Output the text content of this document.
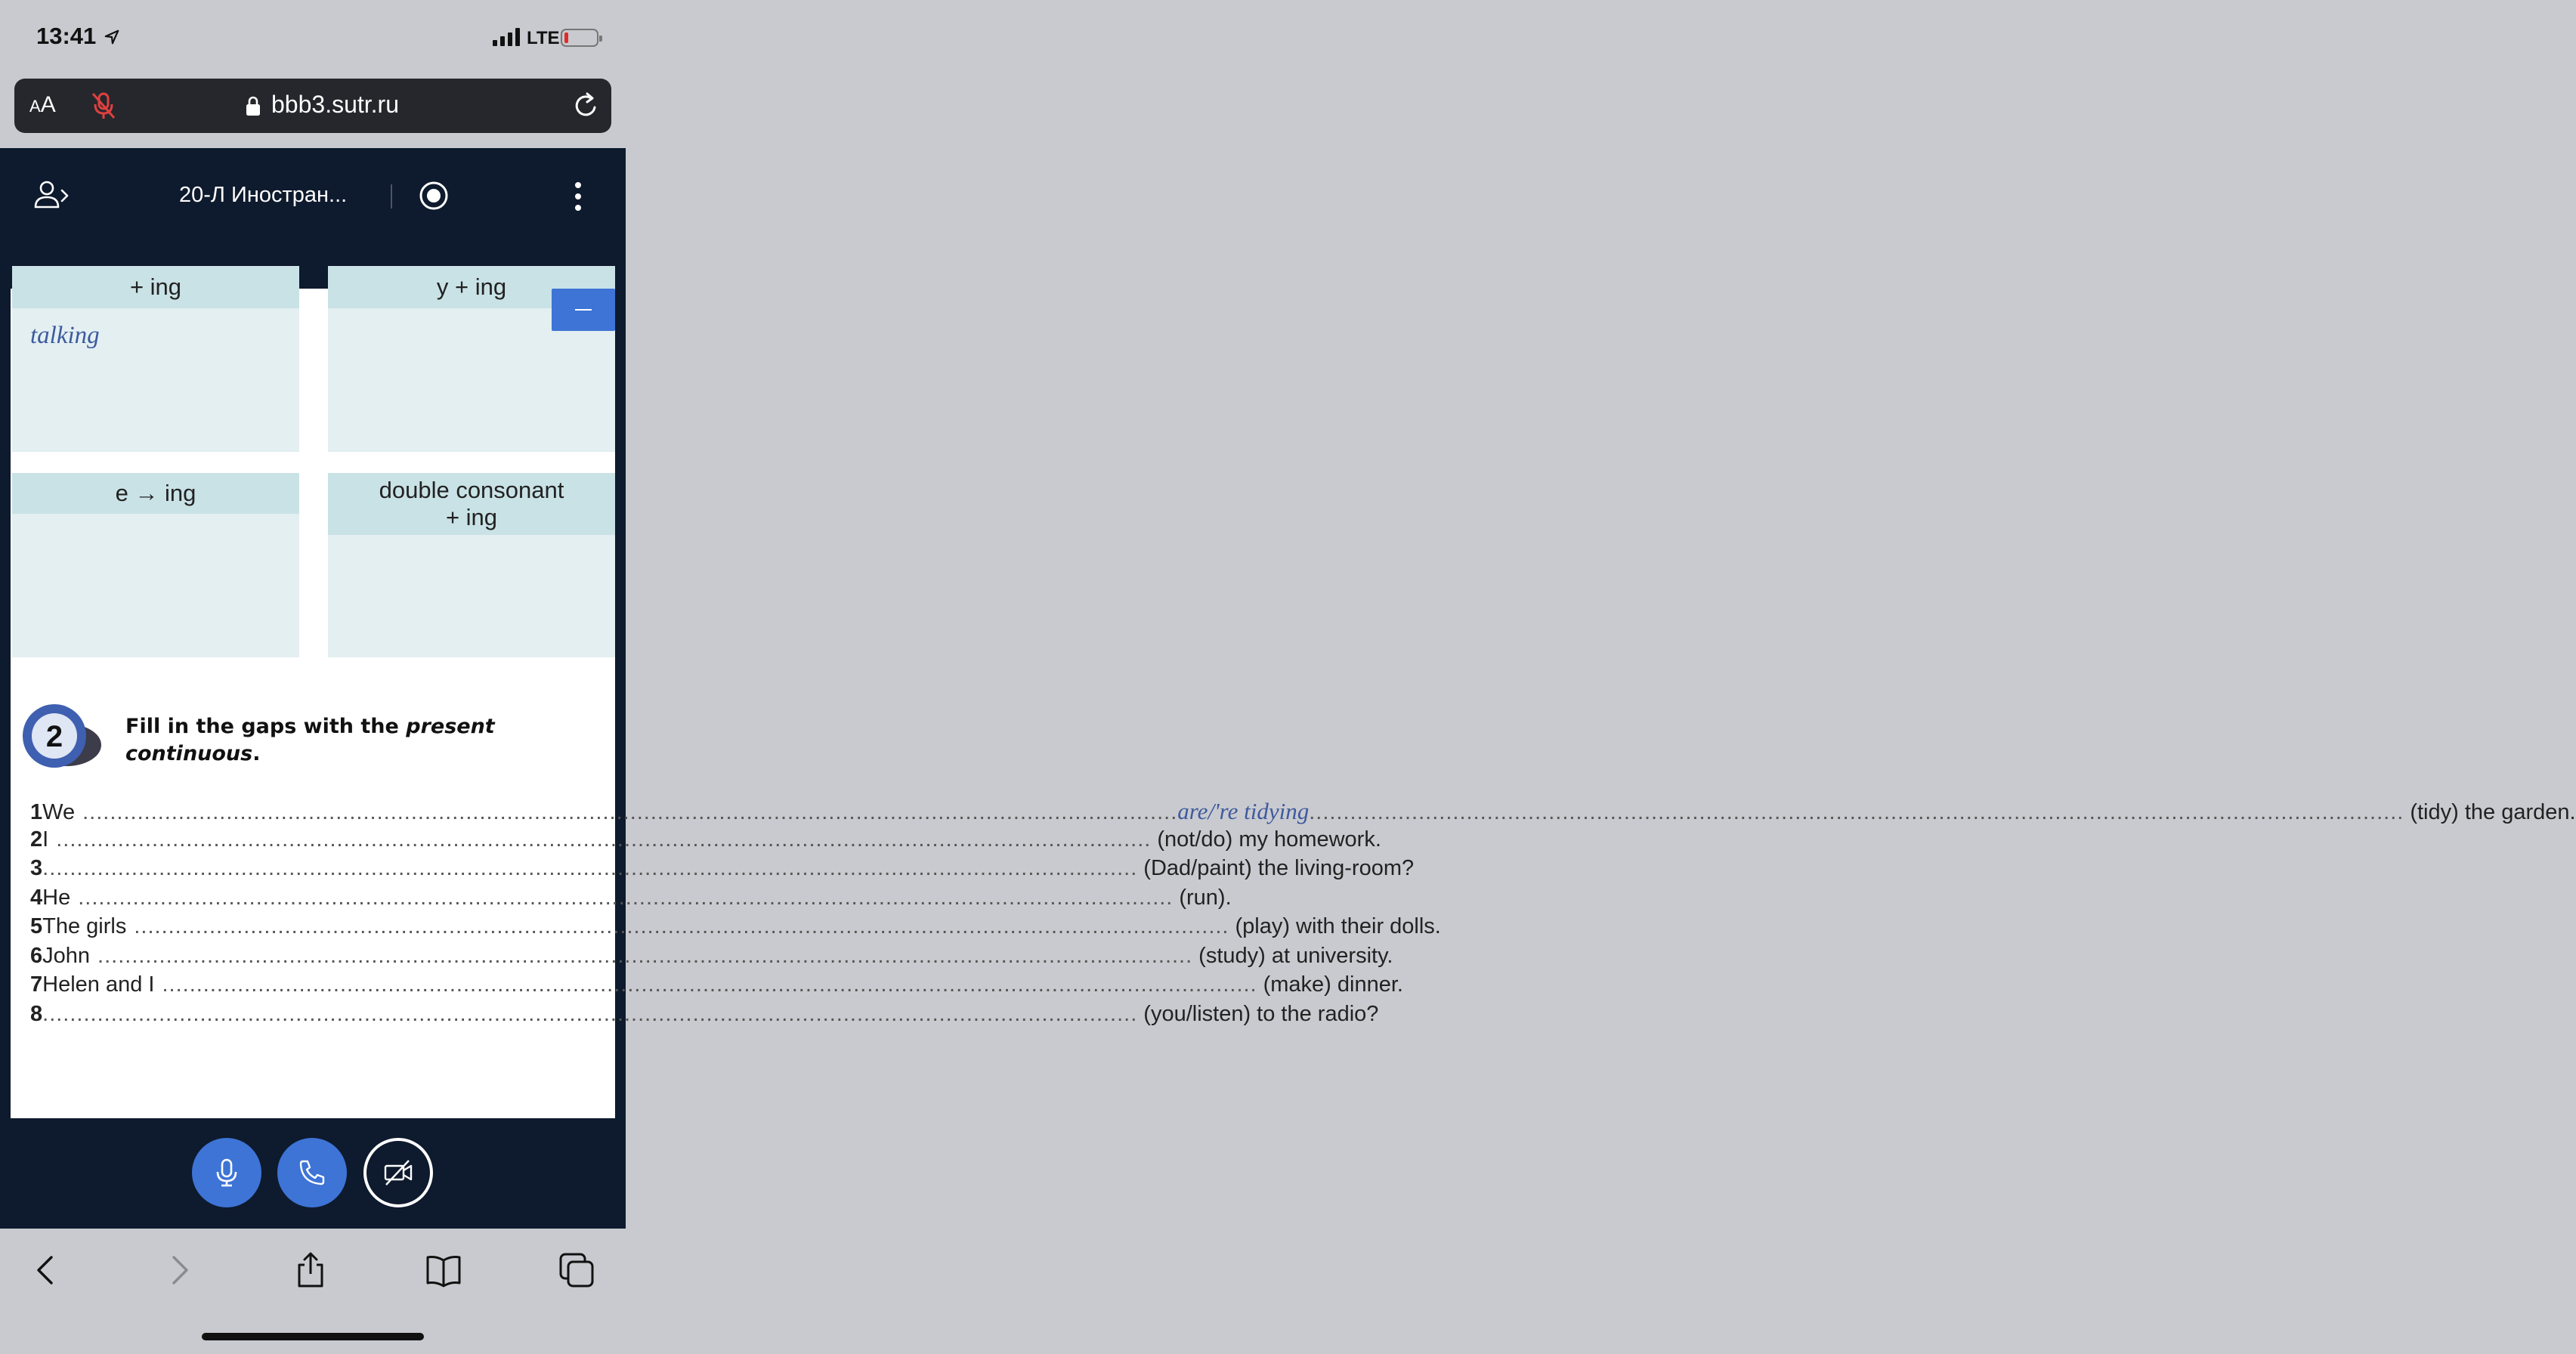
13:41	LTE
AA	bbb3.sutr.ru
20-Л Иностран...
+ ing	y + ing
talking
e → ing	double consonant
+ ing
2	Fill in the gaps with the present
continuous.
1 We .....	are/'re tidying .....	(tidy) the garden.
2 I .....	(not/do) my homework.
3 .....	(Dad/paint) the living-room?
4 He .....	(run).
5 The girls .....	(play) with their dolls.
6 John .....	(study) at university.
7 Helen and I .....	(make) dinner.
8 .....	(you/listen) to the radio?
